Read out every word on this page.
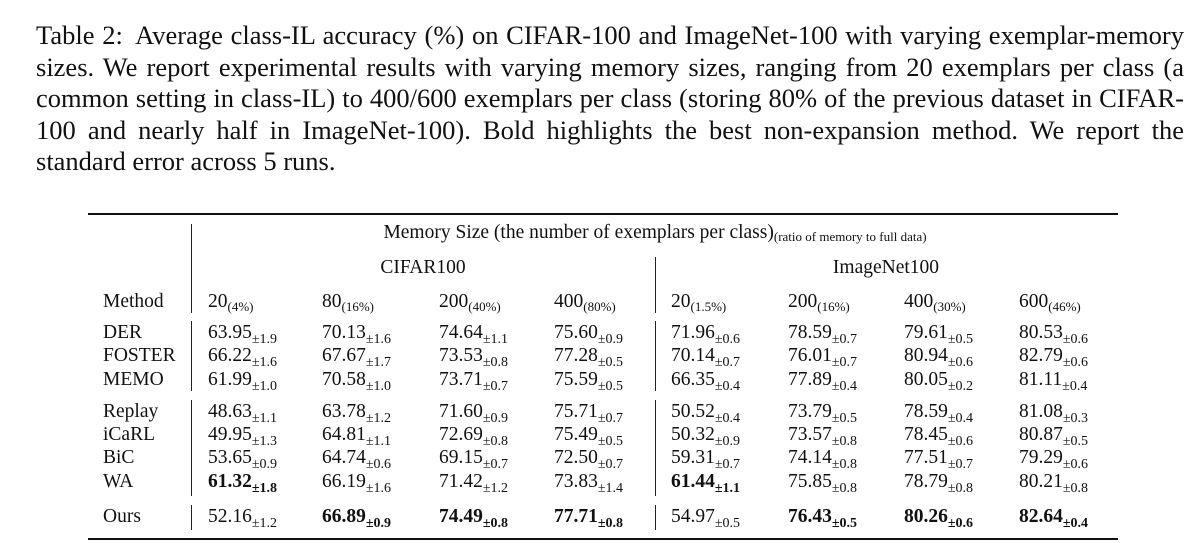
Table 2: Average class-IL accuracy (%) on CIFAR-100 and ImageNet-100 with varying exemplar-memory sizes. We report experimental results with varying memory sizes, ranging from 20 exemplars per class (a common setting in class-IL) to 400/600 exemplars per class (storing 80% of the previous dataset in CIFAR-100 and nearly half in ImageNet-100). Bold highlights the best non-expansion method. We report the standard error across 5 runs.
Memory Size (the number of exemplars per class)(ratio of memory to full data)
CIFAR100	ImageNet100
Method $20_{(4\%)}$	$80_{(16\%)}$	$200_{(40\%)}$	$400_{(80\%)}$	$20_{(1.5\%)}$	$200_{(16\%)}$	$400_{(30\%)}$	$600_{(46\%)}$
DER	$63.95_{\pm 1.9}$ $70.13_{\pm 1.6}$ $74.64_{\pm 1.1}$ $75.60_{\pm 0.9}$ $71.96_{\pm 0.6}$ $78.59_{\pm 0.7}$ $79.61_{\pm 0.5}$ $80.53_{\pm 0.6}$
FOSTER $66.22_{\pm 1.6}$ $67.67_{\pm 1.7}$ $73.53_{\pm 0.8}$ $77.28_{\pm 0.5}$ $70.14_{\pm 0.7}$ $76.01_{\pm 0.7}$ $80.94_{\pm 0.6}$ $82.79_{\pm 0.6}$
MEMO $61.99_{\pm 1.0}$ $70.58_{\pm 1.0}$ $73.71_{\pm 0.7}$ $75.59_{\pm 0.5}$ $66.35_{\pm 0.4}$ $77.89_{\pm 0.4}$ $80.05_{\pm 0.2}$ $81.11_{\pm 0.4}$
Replay	$48.63_{\pm 1.1}$ $63.78_{\pm 1.2}$ $71.60_{\pm 0.9}$ $75.71_{\pm 0.7}$ $50.52_{\pm 0.4}$ $73.79_{\pm 0.5}$ $78.59_{\pm 0.4}$ $81.08_{\pm 0.3}$
iCaRL	$49.95_{\pm 1.3}$ $64.81_{\pm 1.1}$ $72.69_{\pm 0.8}$ $75.49_{\pm 0.5}$ $50.32_{\pm 0.9}$ $73.57_{\pm 0.8}$ $78.45_{\pm 0.6}$ $80.87_{\pm 0.5}$
BiC	$53.65_{\pm 0.9}$ $64.74_{\pm 0.6}$ $69.15_{\pm 0.7}$ $72.50_{\pm 0.7}$ $59.31_{\pm 0.7}$ $74.14_{\pm 0.8}$ $77.51_{\pm 0.7}$ $79.29_{\pm 0.6}$
WA	$61.32_{\pm 1.8}$ $66.19_{\pm 1.6}$ $71.42_{\pm 1.2}$ $73.83_{\pm 1.4}$ $61.44_{\pm 1.1}$ $75.85_{\pm 0.8}$ $78.79_{\pm 0.8}$ $80.21_{\pm 0.8}$
Ours	$52.16_{\pm 1.2}$ $66.89_{\pm 0.9}$ $74.49_{\pm 0.8}$ $77.71_{\pm 0.8}$ $54.97_{\pm 0.5}$ $76.43_{\pm 0.5}$ $80.26_{\pm 0.6}$ $82.64_{\pm 0.4}$
